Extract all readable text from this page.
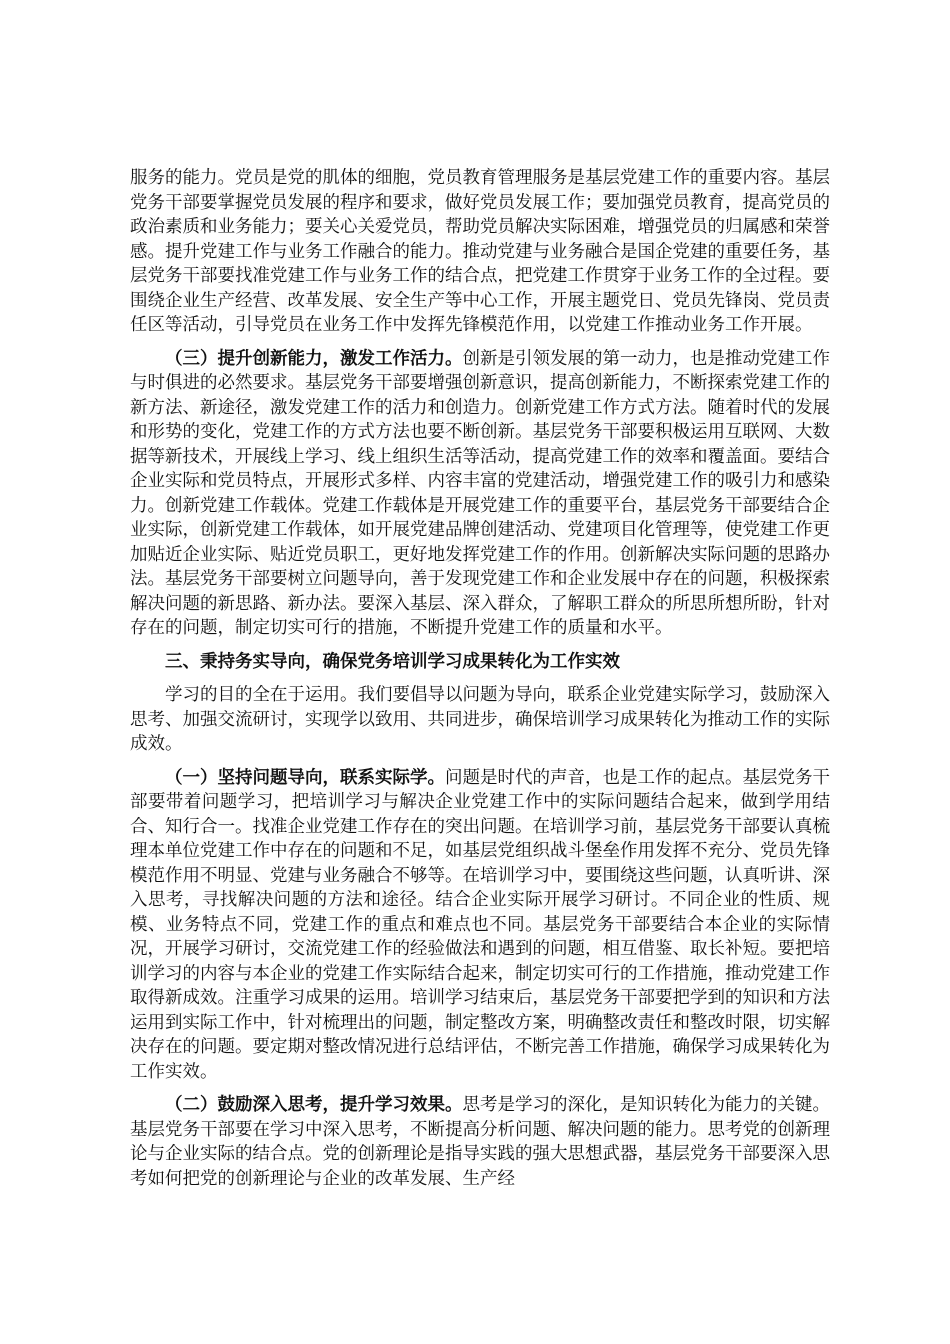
服务的能力。党员是党的肌体的细胞，党员教育管理服务是基层党建工作的重要内容。基层党务干部要掌握党员发展的程序和要求，做好党员发展工作；要加强党员教育，提高党员的政治素质和业务能力；要关心关爱党员，帮助党员解决实际困难，增强党员的归属感和荣誉感。提升党建工作与业务工作融合的能力。推动党建与业务融合是国企党建的重要任务，基层党务干部要找准党建工作与业务工作的结合点，把党建工作贯穿于业务工作的全过程。要围绕企业生产经营、改革发展、安全生产等中心工作，开展主题党日、党员先锋岗、党员责任区等活动，引导党员在业务工作中发挥先锋模范作用，以党建工作推动业务工作开展。

（三）提升创新能力，激发工作活力。创新是引领发展的第一动力，也是推动党建工作与时俱进的必然要求。基层党务干部要增强创新意识，提高创新能力，不断探索党建工作的新方法、新途径，激发党建工作的活力和创造力。创新党建工作方式方法。随着时代的发展和形势的变化，党建工作的方式方法也要不断创新。基层党务干部要积极运用互联网、大数据等新技术，开展线上学习、线上组织生活等活动，提高党建工作的效率和覆盖面。要结合企业实际和党员特点，开展形式多样、内容丰富的党建活动，增强党建工作的吸引力和感染力。创新党建工作载体。党建工作载体是开展党建工作的重要平台，基层党务干部要结合企业实际，创新党建工作载体，如开展党建品牌创建活动、党建项目化管理等，使党建工作更加贴近企业实际、贴近党员职工，更好地发挥党建工作的作用。创新解决实际问题的思路办法。基层党务干部要树立问题导向，善于发现党建工作和企业发展中存在的问题，积极探索解决问题的新思路、新办法。要深入基层、深入群众，了解职工群众的所思所想所盼，针对存在的问题，制定切实可行的措施，不断提升党建工作的质量和水平。

三、秉持务实导向，确保党务培训学习成果转化为工作实效

学习的目的全在于运用。我们要倡导以问题为导向，联系企业党建实际学习，鼓励深入思考、加强交流研讨，实现学以致用、共同进步，确保培训学习成果转化为推动工作的实际成效。

（一）坚持问题导向，联系实际学。问题是时代的声音，也是工作的起点。基层党务干部要带着问题学习，把培训学习与解决企业党建工作中的实际问题结合起来，做到学用结合、知行合一。找准企业党建工作存在的突出问题。在培训学习前，基层党务干部要认真梳理本单位党建工作中存在的问题和不足，如基层党组织战斗堡垒作用发挥不充分、党员先锋模范作用不明显、党建与业务融合不够等。在培训学习中，要围绕这些问题，认真听讲、深入思考，寻找解决问题的方法和途径。结合企业实际开展学习研讨。不同企业的性质、规模、业务特点不同，党建工作的重点和难点也不同。基层党务干部要结合本企业的实际情况，开展学习研讨，交流党建工作的经验做法和遇到的问题，相互借鉴、取长补短。要把培训学习的内容与本企业的党建工作实际结合起来，制定切实可行的工作措施，推动党建工作取得新成效。注重学习成果的运用。培训学习结束后，基层党务干部要把学到的知识和方法运用到实际工作中，针对梳理出的问题，制定整改方案，明确整改责任和整改时限，切实解决存在的问题。要定期对整改情况进行总结评估，不断完善工作措施，确保学习成果转化为工作实效。

（二）鼓励深入思考，提升学习效果。思考是学习的深化，是知识转化为能力的关键。基层党务干部要在学习中深入思考，不断提高分析问题、解决问题的能力。思考党的创新理论与企业实际的结合点。党的创新理论是指导实践的强大思想武器，基层党务干部要深入思考如何把党的创新理论与企业的改革发展、生产经
